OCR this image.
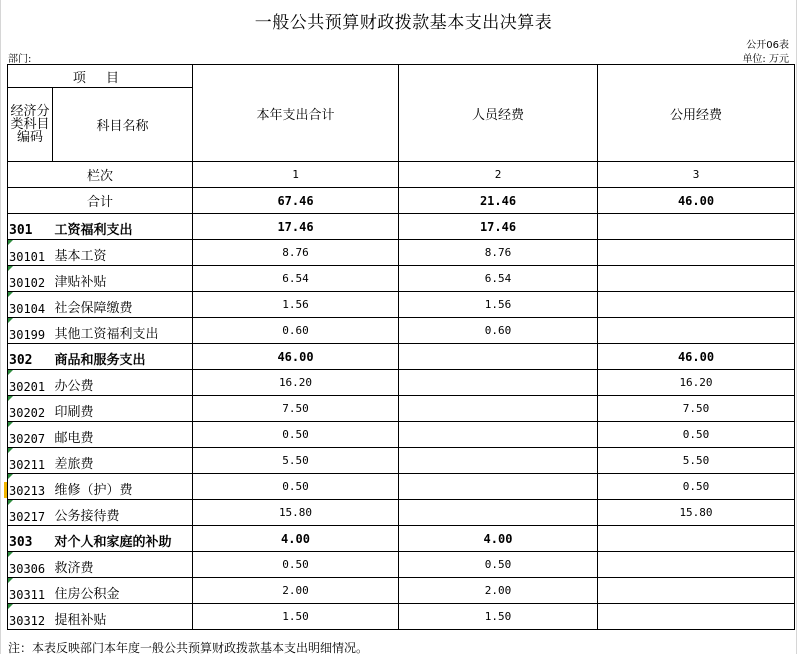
一般公共预算财政拨款基本支出决算表
公开06表
部门:	单位: 万元
项 目		本年支出合计	人员经费	公用经费
经济分类科目编码	科目名称			

栏次		1	2	3
合计		67.46	21.46	46.00
301	工资福利支出	17.46	17.46	

30101	基本工资	8.76	8.76	

30102	津贴补贴	6.54	6.54	

30104	社会保障缴费	1.56	1.56	

30199	其他工资福利支出	0.60	0.60	
302	商品和服务支出	46.00		46.00

30201	办公费	16.20		16.20

30202	印刷费	7.50		7.50

30207	邮电费	0.50		0.50

30211	差旅费	5.50		5.50

30213	维修（护）费	0.50		0.50

30217	公务接待费	15.80		15.80
303	对个人和家庭的补助	4.00	4.00	

30306	救济费	0.50	0.50	

30311	住房公积金	2.00	2.00	

30312	提租补贴	1.50	1.50	
注：本表反映部门本年度一般公共预算财政拨款基本支出明细情况。
